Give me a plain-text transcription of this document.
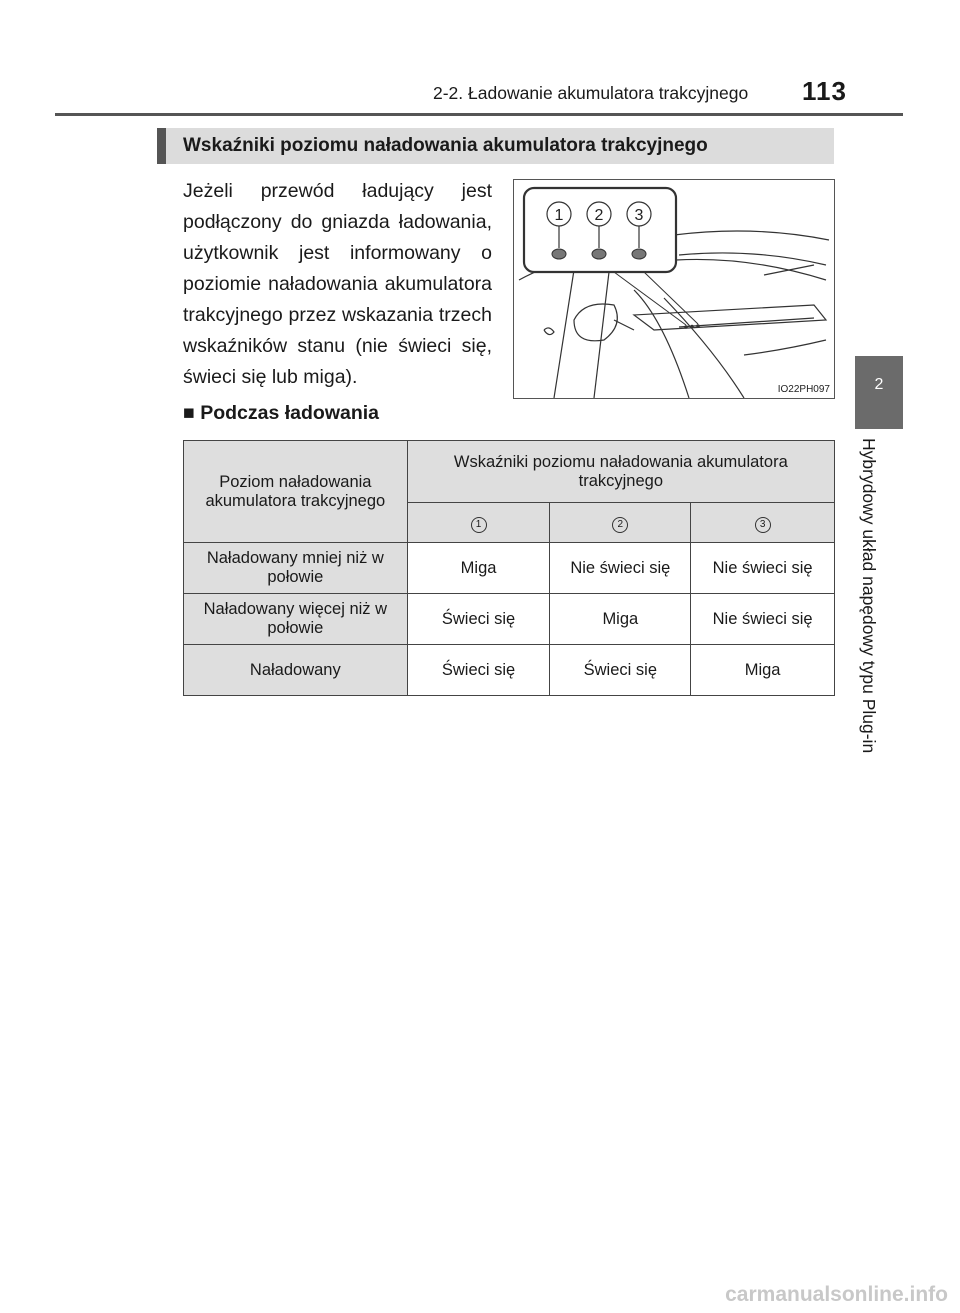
2-2. Ładowanie akumulatora trakcyjnego 113
2
Hybrydowy układ napędowy typu Plug-in
Wskaźniki poziomu naładowania akumulatora trakcyjnego
Jeżeli przewód ładujący jest podłączony do gniazda ładowania, użytkownik jest informowany o poziomie naładowania akumulatora trakcyjnego przez wskazania trzech wskaźników stanu (nie świeci się, świeci się lub miga).
1 2 3
IO22PH097
■ Podczas ładowania
Poziom naładowania akumulatora trakcyjnego	Wskaźniki poziomu naładowania akumulatora trakcyjnego		
	1	2	3
Naładowany mniej niż w połowie	Miga	Nie świeci się	Nie świeci się
Naładowany więcej niż w połowie	Świeci się	Miga	Nie świeci się
Naładowany	Świeci się	Świeci się	Miga
carmanualsonline.info
